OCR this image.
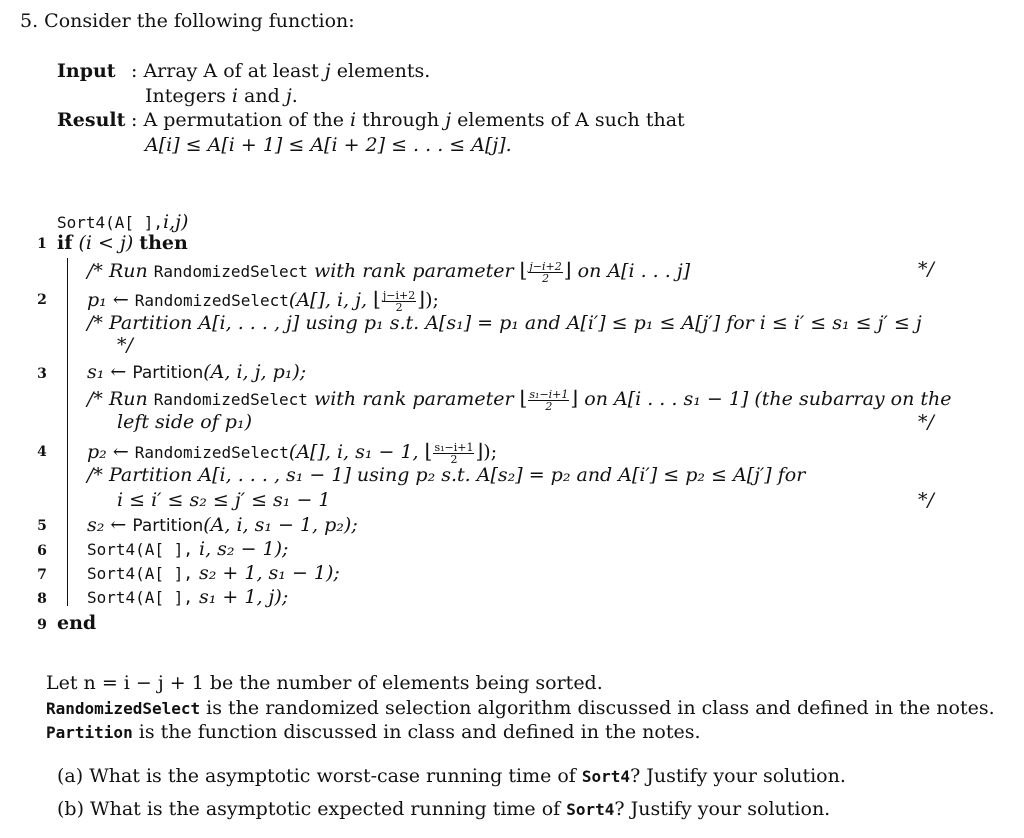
5. Consider the following function:
Input : Array A of at least j elements.
Integers i and j.
Result : A permutation of the i through j elements of A such that
A[i] ≤ A[i + 1] ≤ A[i + 2] ≤ . . . ≤ A[j].
Sort4(A[ ],i,j)
1 if (i < j) then
/* Run RandomizedSelect with rank parameter ⌊ $\frac{j-i+2}{2}$ ⌋ on A[i . . . j]	*/
2 p₁ ← RandomizedSelect(A[], i, j, ⌊ $\frac{j-i+2}{2}$ ⌋);
/* Partition A[i, . . . , j] using p₁ s.t. A[s₁] = p₁ and A[i′] ≤ p₁ ≤ A[j′] for i ≤ i′ ≤ s₁ ≤ j′ ≤ j
*/
3 s₁ ← Partition(A, i, j, p₁);
/* Run RandomizedSelect with rank parameter ⌊ $\frac{\text{s₁−i+1}}{2}$ ⌋ on A[i . . . s₁ − 1] (the subarray on the
left side of p₁)	*/
4 p₂ ← RandomizedSelect(A[], i, s₁ − 1, ⌊ $\frac{\text{s₁−i+1}}{2}$ ⌋);
/* Partition A[i, . . . , s₁ − 1] using p₂ s.t. A[s₂] = p₂ and A[i′] ≤ p₂ ≤ A[j′] for
i ≤ i′ ≤ s₂ ≤ j′ ≤ s₁ − 1	*/
5 s₂ ← Partition(A, i, s₁ − 1, p₂);
6	Sort4(A[ ], i, s₂ − 1);
7	Sort4(A[ ], s₂ + 1, s₁ − 1);
8	Sort4(A[ ], s₁ + 1, j);
9 end
Let n = i − j + 1 be the number of elements being sorted.
RandomizedSelect is the randomized selection algorithm discussed in class and defined in the notes.
Partition is the function discussed in class and defined in the notes.
(a) What is the asymptotic worst-case running time of Sort4? Justify your solution.
(b) What is the asymptotic expected running time of Sort4? Justify your solution.
